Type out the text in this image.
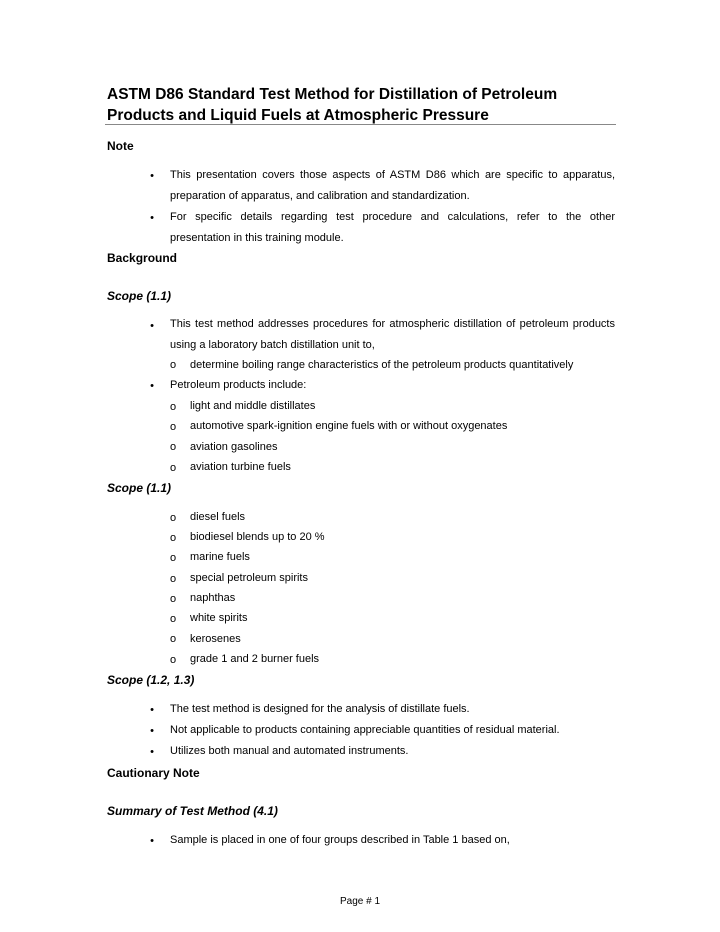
ASTM D86 Standard Test Method for Distillation of Petroleum Products and Liquid Fuels at Atmospheric Pressure
Note
• This presentation covers those aspects of ASTM D86 which are specific to apparatus, preparation of apparatus, and calibration and standardization.
• For specific details regarding test procedure and calculations, refer to the other presentation in this training module.
Background
Scope (1.1)
• This test method addresses procedures for atmospheric distillation of petroleum products using a laboratory batch distillation unit to,
o determine boiling range characteristics of the petroleum products quantitatively
• Petroleum products include:
o light and middle distillates
o automotive spark-ignition engine fuels with or without oxygenates
o aviation gasolines
o aviation turbine fuels
Scope (1.1)
o diesel fuels
o biodiesel blends up to 20 %
o marine fuels
o special petroleum spirits
o naphthas
o white spirits
o kerosenes
o grade 1 and 2 burner fuels
Scope (1.2, 1.3)
• The test method is designed for the analysis of distillate fuels.
• Not applicable to products containing appreciable quantities of residual material.
• Utilizes both manual and automated instruments.
Cautionary Note
Summary of Test Method (4.1)
• Sample is placed in one of four groups described in Table 1 based on,
Page # 1
